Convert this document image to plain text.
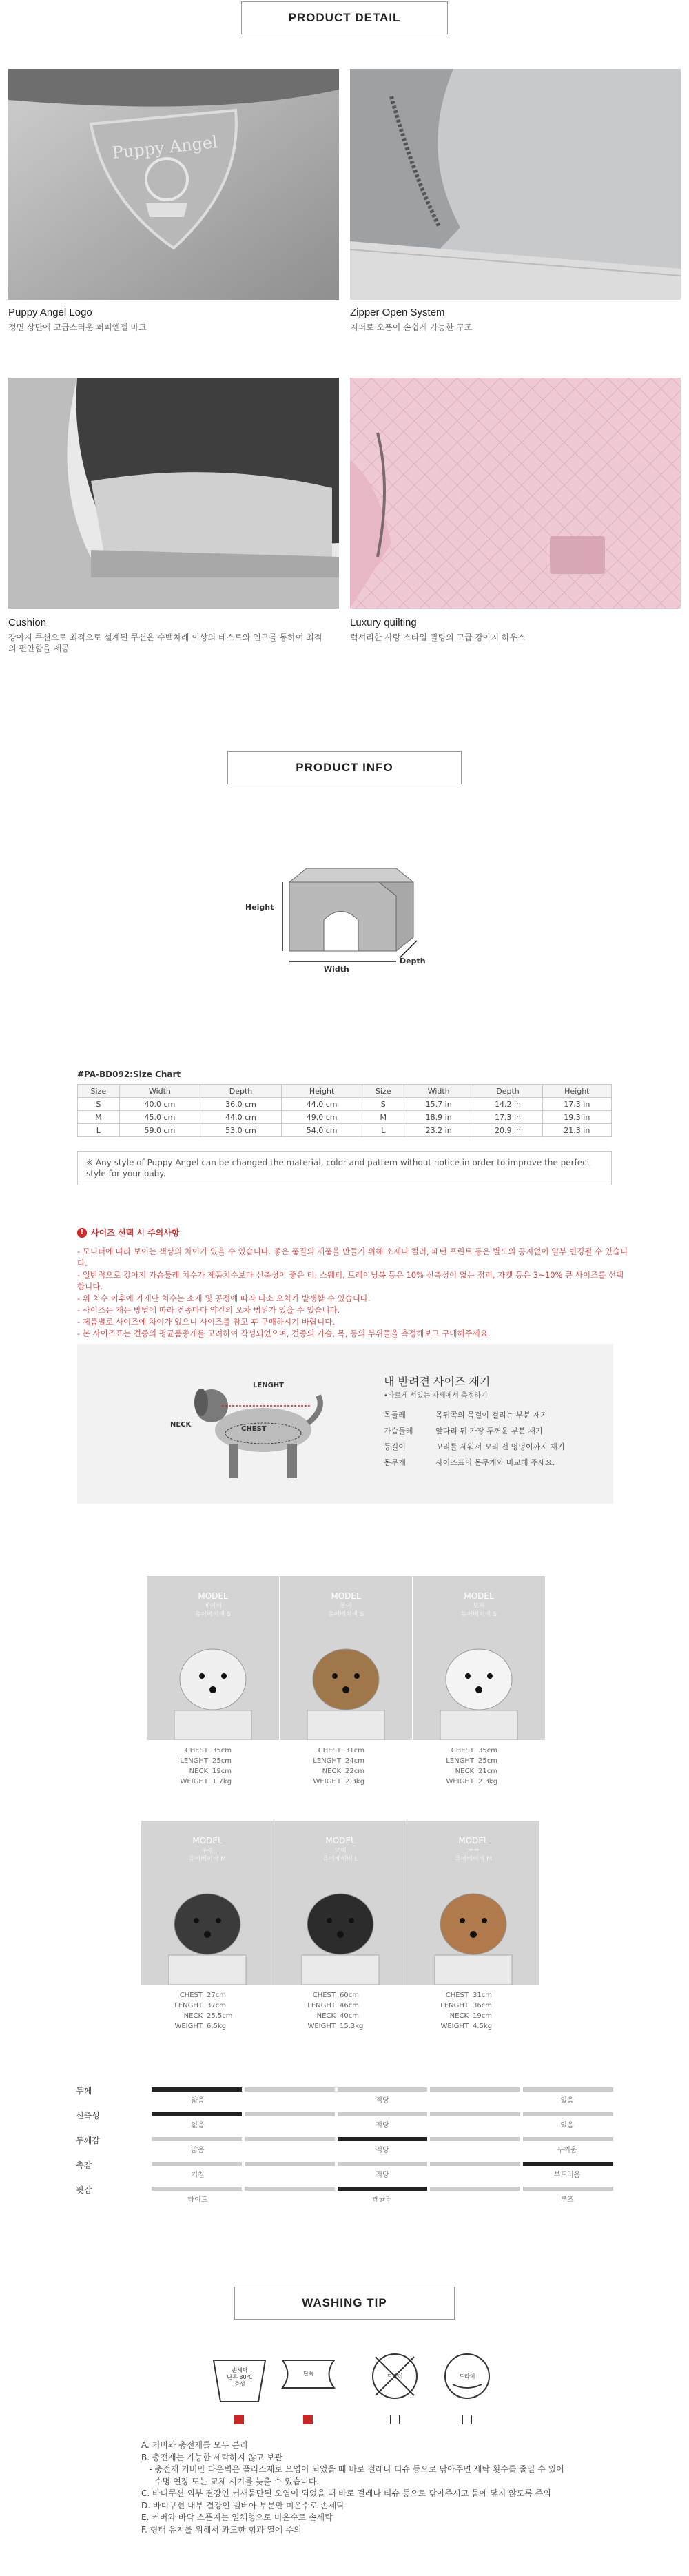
PRODUCT DETAIL
Puppy Angel
Puppy Angel Logo
정면 상단에 고급스러운 퍼피엔젤 마크
Zipper Open System
지퍼로 오픈이 손쉽게 가능한 구조
Cushion
강아지 쿠션으로 최적으로 설계된 쿠션은 수백차례 이상의 테스트와 연구를 통하여 최적의 편안함을 제공
Luxury quilting
럭셔리한 사랑 스타일 퀼팅의 고급 강아지 하우스
PRODUCT INFO
Height
Width
Depth
#PA-BD092:Size Chart
Size	Width	Depth	Height	Size	Width	Depth	Height
S	40.0 cm	36.0 cm	44.0 cm	S	15.7 in	14.2 in	17.3 in
M	45.0 cm	44.0 cm	49.0 cm	M	18.9 in	17.3 in	19.3 in
L	59.0 cm	53.0 cm	54.0 cm	L	23.2 in	20.9 in	21.3 in
※ Any style of Puppy Angel can be changed the material, color and pattern without notice in order to improve the perfect style for your baby.
! 사이즈 선택 시 주의사항
- 모니터에 따라 보이는 색상의 차이가 있을 수 있습니다. 좋은 품질의 제품을 만들기 위해 소재나 컬러, 패턴 프린트 등은 별도의 공지없이 일부 변경될 수 있습니다.
- 일반적으로 강아지 가슴둘레 치수가 제품치수보다 신축성이 좋은 티, 스웨터, 트레이닝복 등은 10% 신축성이 없는 점퍼, 자켓 등은 3~10% 큰 사이즈를 선택합니다.
- 위 치수 이후에 가재단 치수는 소재 및 공정에 따라 다소 오차가 발생할 수 있습니다.
- 사이즈는 재는 방법에 따라 견종마다 약간의 오차 범위가 있을 수 있습니다.
- 제품별로 사이즈에 차이가 있으니 사이즈를 참고 후 구매하시기 바랍니다.
- 본 사이즈표는 견종의 평균품종개를 고려하여 작성되었으며, 견종의 가슴, 목, 등의 부위들을 측정해보고 구매해주세요.
LENGHT
NECK
CHEST
내 반려견 사이즈 재기
•바르게 서있는 자세에서 측정하기
목둘레	목뒤쪽의 목걸이 걸리는 부분 재기
가슴둘레	앞다리 뒤 가장 두꺼운 부분 재기
등길이	꼬리를 세워서 꼬리 전 엉덩이까지 재기
몸무게	사이즈표의 몸무게와 비교해 주세요.
MODEL
베이비
유어베이비 S
CHEST 35cm
LENGHT 25cm
NECK 19cm
WEIGHT 1.7kg
MODEL
몽이
유어베이비 S
CHEST 31cm
LENGHT 24cm
NECK 22cm
WEIGHT 2.3kg
MODEL
모찌
유어베이비 S
CHEST 35cm
LENGHT 25cm
NECK 21cm
WEIGHT 2.3kg
MODEL
주주
유어베이비 M
CHEST 27cm
LENGHT 37cm
NECK 25.5cm
WEIGHT 6.5kg
MODEL
보미
유어베이비 L
CHEST 60cm
LENGHT 46cm
NECK 40cm
WEIGHT 15.3kg
MODEL
코코
유어베이비 M
CHEST 31cm
LENGHT 36cm
NECK 19cm
WEIGHT 4.5kg
두께
얇음	적당	있음
신축성
없음	적당	있음
두께감
얇음	적당	두꺼움
촉감
거칠	적당	부드러움
핏감
타이트	레귤러	루즈
WASHING TIP
손세탁
단독 30℃
중성
단독	드라이	드라이
A. 커버와 충전재를 모두 분리
B. 충전재는 가능한 세탁하지 않고 보관
- 충전재 커버만 다운벽은 플리스제로 오염이 되었을 때 바로 걸레나 티슈 등으로 닦아주면 세탁 횟수를 줄일 수 있어
수명 연장 또는 교체 시기를 늦출 수 있습니다.
C. 바디쿠션 외부 결강인 커새물단된 오염이 되었을 때 바로 걸레나 티슈 등으로 닦아주시고 물에 닿지 않도록 주의
D. 바디쿠션 내부 결강인 벨버아 부분만 미온수로 손세탁
E. 커버와 바닥 스폰지는 일체형으로 미온수로 손세탁
F. 형태 유지를 위해서 과도한 힘과 열에 주의
